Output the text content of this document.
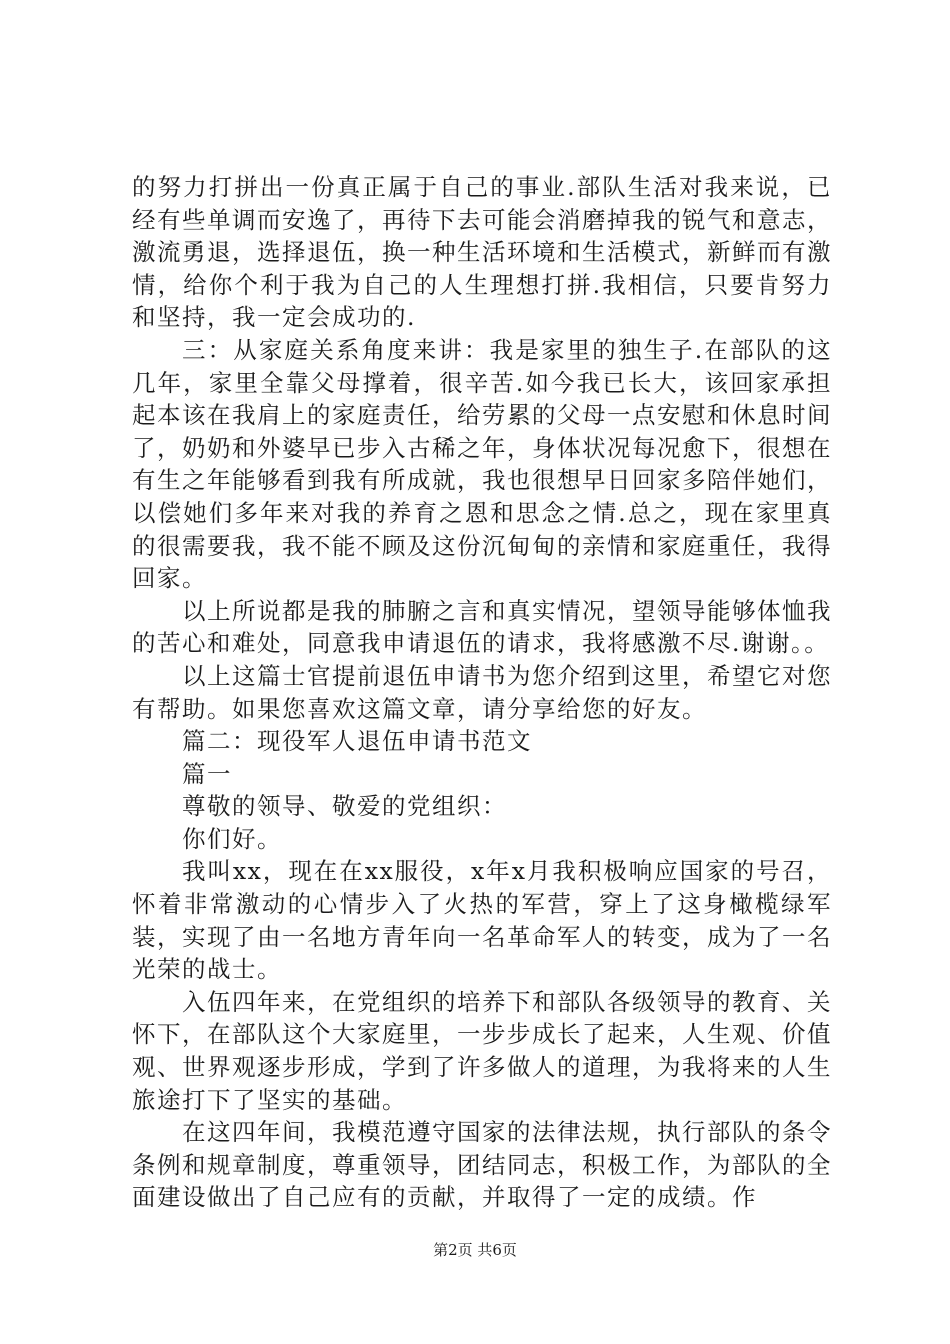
的努力打拼出一份真正属于自己的事业.部队生活对我来说，已经有些单调而安逸了，再待下去可能会消磨掉我的锐气和意志，激流勇退，选择退伍，换一种生活环境和生活模式，新鲜而有激情，给你个利于我为自己的人生理想打拼.我相信，只要肯努力和坚持，我一定会成功的.

三：从家庭关系角度来讲：我是家里的独生子.在部队的这几年，家里全靠父母撑着，很辛苦.如今我已长大，该回家承担起本该在我肩上的家庭责任，给劳累的父母一点安慰和休息时间了，奶奶和外婆早已步入古稀之年，身体状况每况愈下，很想在有生之年能够看到我有所成就，我也很想早日回家多陪伴她们，以偿她们多年来对我的养育之恩和思念之情.总之，现在家里真的很需要我，我不能不顾及这份沉甸甸的亲情和家庭重任，我得回家。

以上所说都是我的肺腑之言和真实情况，望领导能够体恤我的苦心和难处，同意我申请退伍的请求，我将感激不尽.谢谢。。

以上这篇士官提前退伍申请书为您介绍到这里，希望它对您有帮助。如果您喜欢这篇文章，请分享给您的好友。

篇二：现役军人退伍申请书范文

篇一

尊敬的领导、敬爱的党组织：

你们好。

我叫xx，现在在xx服役，x年x月我积极响应国家的号召，怀着非常激动的心情步入了火热的军营，穿上了这身橄榄绿军装，实现了由一名地方青年向一名革命军人的转变，成为了一名光荣的战士。

入伍四年来，在党组织的培养下和部队各级领导的教育、关怀下，在部队这个大家庭里，一步步成长了起来，人生观、价值观、世界观逐步形成，学到了许多做人的道理，为我将来的人生旅途打下了坚实的基础。

在这四年间，我模范遵守国家的法律法规，执行部队的条令条例和规章制度，尊重领导，团结同志，积极工作，为部队的全面建设做出了自己应有的贡献，并取得了一定的成绩。作

第2页 共6页
